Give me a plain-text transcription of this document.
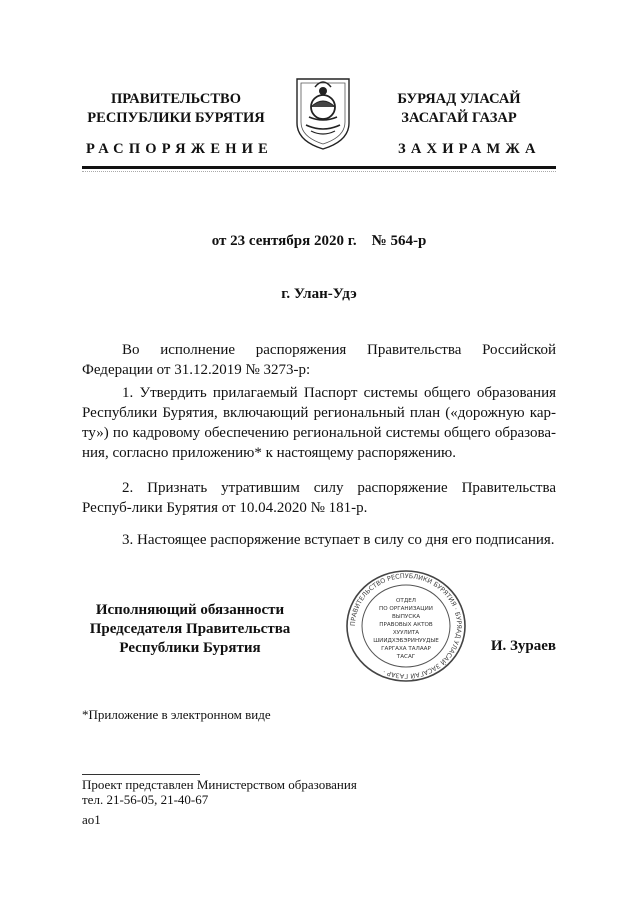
ПРАВИТЕЛЬСТВО
РЕСПУБЛИКИ БУРЯТИЯ
БУРЯАД УЛАСАЙ
ЗАСАГАЙ ГАЗАР
РАСПОРЯЖЕНИЕ	ЗАХИРАМЖА
от 23 сентября 2020 г.    № 564-р
г. Улан-Удэ

Во исполнение распоряжения Правительства Российской Федерации от 31.12.2019 № 3273-р:

1. Утвердить прилагаемый Паспорт системы общего образования Республики Бурятия, включающий региональный план («дорожную кар-ту») по кадровому обеспечению региональной системы общего образова-ния, согласно приложению* к настоящему распоряжению.

2. Признать утратившим силу распоряжение Правительства Респуб-лики Бурятия от 10.04.2020 № 181-р.

3. Настоящее распоряжение вступает в силу со дня его подписания.

Исполняющий обязанности
Председателя Правительства
Республики Бурятия
ПРАВИТЕЛЬСТВО РЕСПУБЛИКИ БУРЯТИЯ · БУРЯАД УЛАСАЙ ЗАСАГАЙ ГАЗАР ·
ОТДЕЛ
ПО ОРГАНИЗАЦИИ
ВЫПУСКА
ПРАВОВЫХ АКТОВ
ХУУЛИТА
ШИИДХЭБЭРИНУУДЫЕ
ГАРГАХА ТАЛААР
ТАСАГ
И. Зураев
*Приложение в электронном виде
Проект представлен Министерством образования
тел. 21-56-05, 21-40-67
ao1
